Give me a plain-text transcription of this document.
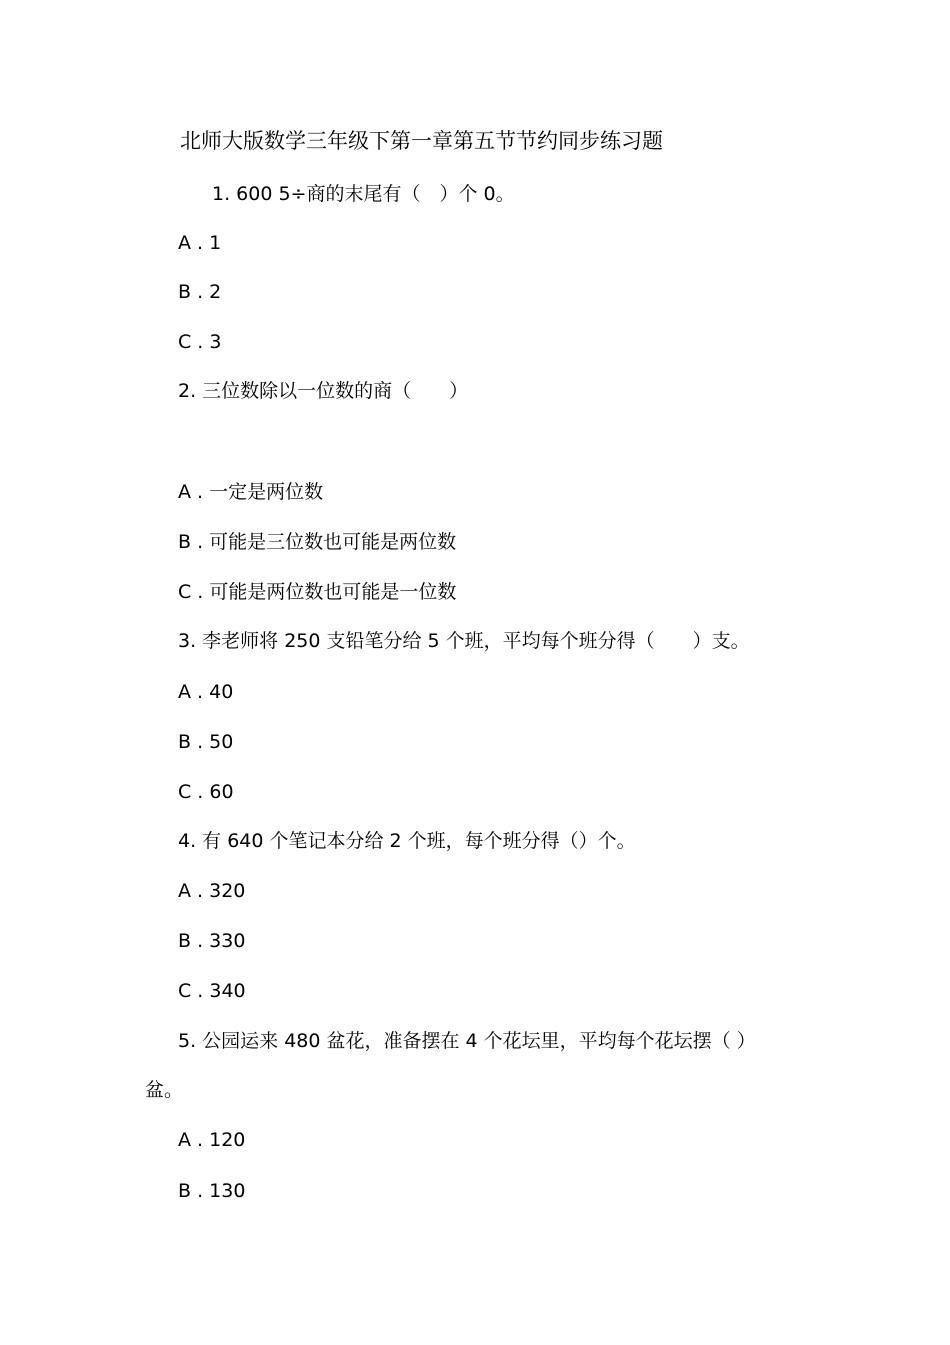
北师大版数学三年级下第一章第五节节约同步练习题
1. 600 5÷商的末尾有（　）个 0。
A . 1
B . 2
C . 3
2. 三位数除以一位数的商（　　）
A . 一定是两位数
B . 可能是三位数也可能是两位数
C . 可能是两位数也可能是一位数
3. 李老师将 250 支铅笔分给 5 个班，平均每个班分得（　　）支。
A . 40
B . 50
C . 60
4. 有 640 个笔记本分给 2 个班，每个班分得（）个。
A . 320
B . 330
C . 340
5. 公园运来 480 盆花，准备摆在 4 个花坛里，平均每个花坛摆（ ）
盆。
A . 120
B . 130
